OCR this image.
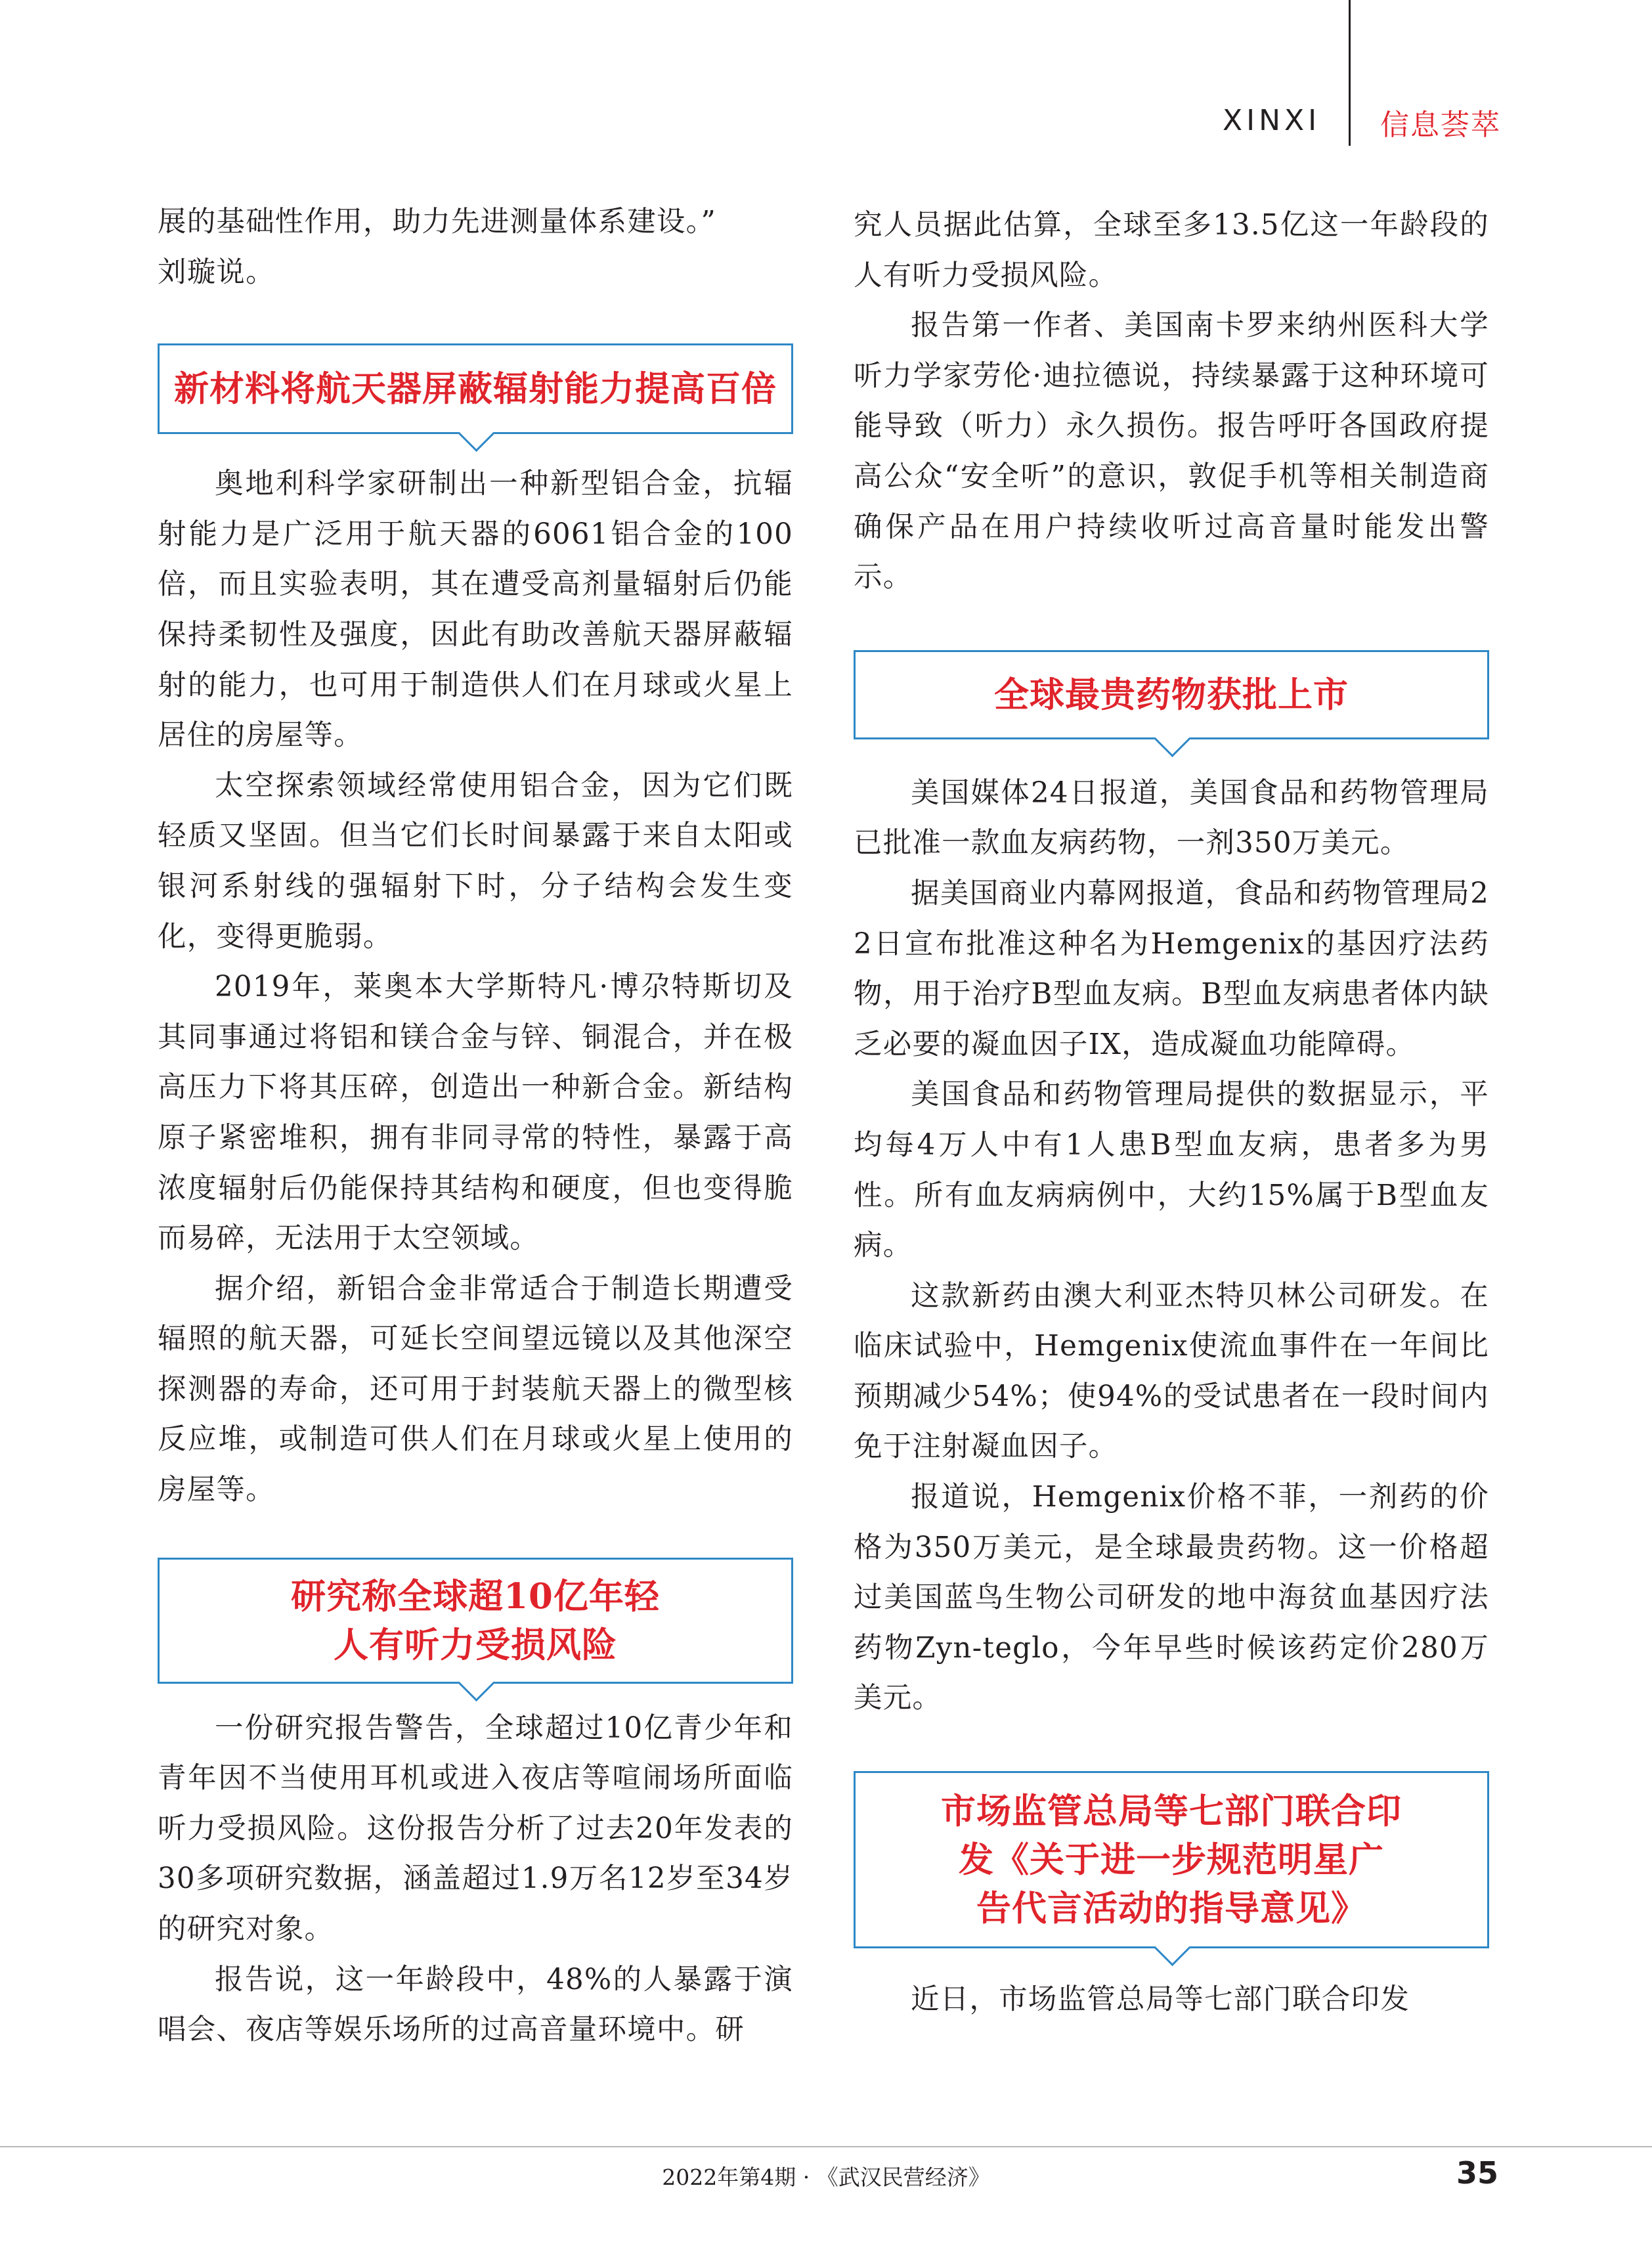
XINXI 信息荟萃

展的基础性作用，助力先进测量体系建设。”

刘璇说。

新材料将航天器屏蔽辐射能力提高百倍

奥地利科学家研制出一种新型铝合金，抗辐射能力是广泛用于航天器的6061铝合金的100倍，而且实验表明，其在遭受高剂量辐射后仍能保持柔韧性及强度，因此有助改善航天器屏蔽辐射的能力，也可用于制造供人们在月球或火星上居住的房屋等。

太空探索领域经常使用铝合金，因为它们既轻质又坚固。但当它们长时间暴露于来自太阳或银河系射线的强辐射下时，分子结构会发生变化，变得更脆弱。

2019年，莱奥本大学斯特凡·博尕特斯切及其同事通过将铝和镁合金与锌、铜混合，并在极高压力下将其压碎，创造出一种新合金。新结构原子紧密堆积，拥有非同寻常的特性，暴露于高浓度辐射后仍能保持其结构和硬度，但也变得脆而易碎，无法用于太空领域。

据介绍，新铝合金非常适合于制造长期遭受辐照的航天器，可延长空间望远镜以及其他深空探测器的寿命，还可用于封装航天器上的微型核反应堆，或制造可供人们在月球或火星上使用的房屋等。

研究称全球超10亿年轻
人有听力受损风险

一份研究报告警告，全球超过10亿青少年和青年因不当使用耳机或进入夜店等喧闹场所面临听力受损风险。这份报告分析了过去20年发表的30多项研究数据，涵盖超过1.9万名12岁至34岁的研究对象。

报告说，这一年龄段中，48%的人暴露于演唱会、夜店等娱乐场所的过高音量环境中。研

究人员据此估算，全球至多13.5亿这一年龄段的人有听力受损风险。

报告第一作者、美国南卡罗来纳州医科大学听力学家劳伦·迪拉德说，持续暴露于这种环境可能导致（听力）永久损伤。报告呼吁各国政府提高公众“安全听”的意识，敦促手机等相关制造商确保产品在用户持续收听过高音量时能发出警示。

全球最贵药物获批上市

美国媒体24日报道，美国食品和药物管理局已批准一款血友病药物，一剂350万美元。

据美国商业内幕网报道，食品和药物管理局22日宣布批准这种名为Hemgenix的基因疗法药物，用于治疗B型血友病。B型血友病患者体内缺乏必要的凝血因子IX，造成凝血功能障碍。

美国食品和药物管理局提供的数据显示，平均每4万人中有1人患B型血友病，患者多为男性。所有血友病病例中，大约15%属于B型血友病。

这款新药由澳大利亚杰特贝林公司研发。在临床试验中，Hemgenix使流血事件在一年间比预期减少54%；使94%的受试患者在一段时间内免于注射凝血因子。

报道说，Hemgenix价格不菲，一剂药的价格为350万美元，是全球最贵药物。这一价格超过美国蓝鸟生物公司研发的地中海贫血基因疗法药物Zyn-teglo，今年早些时候该药定价280万美元。

市场监管总局等七部门联合印
发《关于进一步规范明星广
告代言活动的指导意见》

近日，市场监管总局等七部门联合印发

2022年第4期 · 《武汉民营经济》	35
